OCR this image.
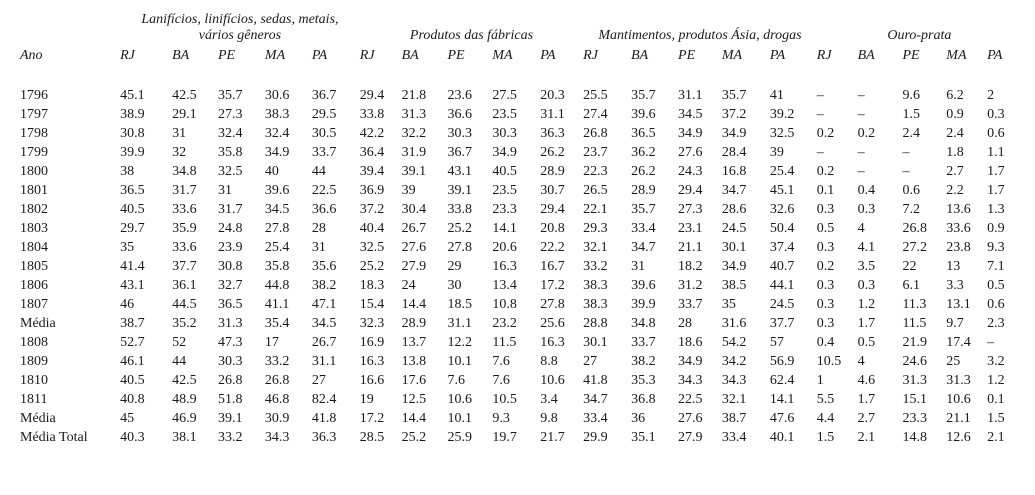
	Lanifícios, linifícios, sedas, metais, vários gêneros					Produtos das fábricas					Mantimentos, produtos Ásia, drogas					Ouro-prata				
Ano	RJ	BA	PE	MA	PA	RJ	BA	PE	MA	PA	RJ	BA	PE	MA	PA	RJ	BA	PE	MA	PA

1796	45.1	42.5	35.7	30.6	36.7	29.4	21.8	23.6	27.5	20.3	25.5	35.7	31.1	35.7	41	–	–	9.6	6.2	2
1797	38.9	29.1	27.3	38.3	29.5	33.8	31.3	36.6	23.5	31.1	27.4	39.6	34.5	37.2	39.2	–	–	1.5	0.9	0.3
1798	30.8	31	32.4	32.4	30.5	42.2	32.2	30.3	30.3	36.3	26.8	36.5	34.9	34.9	32.5	0.2	0.2	2.4	2.4	0.6
1799	39.9	32	35.8	34.9	33.7	36.4	31.9	36.7	34.9	26.2	23.7	36.2	27.6	28.4	39	–	–	–	1.8	1.1
1800	38	34.8	32.5	40	44	39.4	39.1	43.1	40.5	28.9	22.3	26.2	24.3	16.8	25.4	0.2	–	–	2.7	1.7
1801	36.5	31.7	31	39.6	22.5	36.9	39	39.1	23.5	30.7	26.5	28.9	29.4	34.7	45.1	0.1	0.4	0.6	2.2	1.7
1802	40.5	33.6	31.7	34.5	36.6	37.2	30.4	33.8	23.3	29.4	22.1	35.7	27.3	28.6	32.6	0.3	0.3	7.2	13.6	1.3
1803	29.7	35.9	24.8	27.8	28	40.4	26.7	25.2	14.1	20.8	29.3	33.4	23.1	24.5	50.4	0.5	4	26.8	33.6	0.9
1804	35	33.6	23.9	25.4	31	32.5	27.6	27.8	20.6	22.2	32.1	34.7	21.1	30.1	37.4	0.3	4.1	27.2	23.8	9.3
1805	41.4	37.7	30.8	35.8	35.6	25.2	27.9	29	16.3	16.7	33.2	31	18.2	34.9	40.7	0.2	3.5	22	13	7.1
1806	43.1	36.1	32.7	44.8	38.2	18.3	24	30	13.4	17.2	38.3	39.6	31.2	38.5	44.1	0.3	0.3	6.1	3.3	0.5
1807	46	44.5	36.5	41.1	47.1	15.4	14.4	18.5	10.8	27.8	38.3	39.9	33.7	35	24.5	0.3	1.2	11.3	13.1	0.6
Média	38.7	35.2	31.3	35.4	34.5	32.3	28.9	31.1	23.2	25.6	28.8	34.8	28	31.6	37.7	0.3	1.7	11.5	9.7	2.3
1808	52.7	52	47.3	17	26.7	16.9	13.7	12.2	11.5	16.3	30.1	33.7	18.6	54.2	57	0.4	0.5	21.9	17.4	–
1809	46.1	44	30.3	33.2	31.1	16.3	13.8	10.1	7.6	8.8	27	38.2	34.9	34.2	56.9	10.5	4	24.6	25	3.2
1810	40.5	42.5	26.8	26.8	27	16.6	17.6	7.6	7.6	10.6	41.8	35.3	34.3	34.3	62.4	1	4.6	31.3	31.3	1.2
1811	40.8	48.9	51.8	46.8	82.4	19	12.5	10.6	10.5	3.4	34.7	36.8	22.5	32.1	14.1	5.5	1.7	15.1	10.6	0.1
Média	45	46.9	39.1	30.9	41.8	17.2	14.4	10.1	9.3	9.8	33.4	36	27.6	38.7	47.6	4.4	2.7	23.3	21.1	1.5
Média Total	40.3	38.1	33.2	34.3	36.3	28.5	25.2	25.9	19.7	21.7	29.9	35.1	27.9	33.4	40.1	1.5	2.1	14.8	12.6	2.1
